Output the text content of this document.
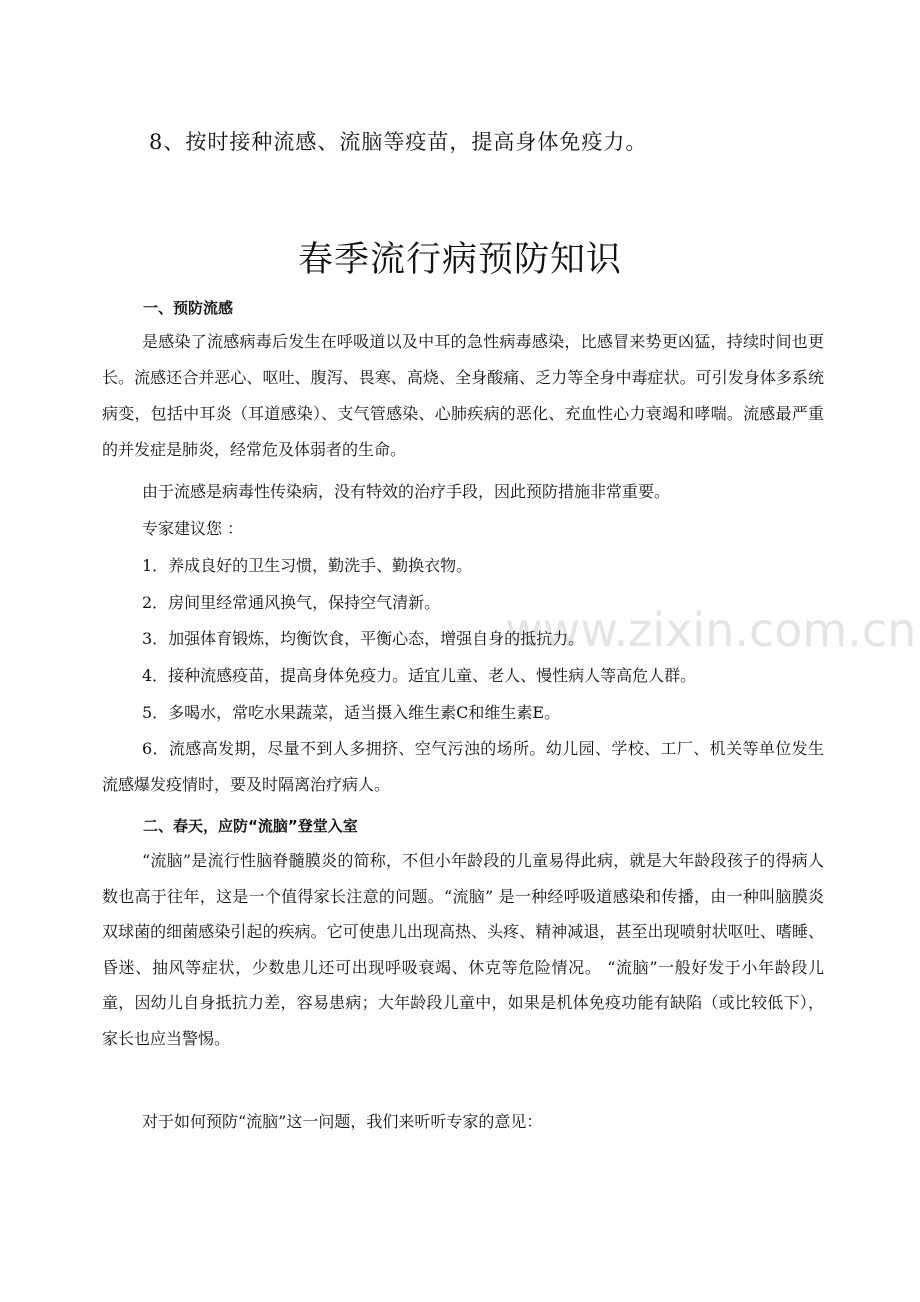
www.zixin.com.cn
8、按时接种流感、流脑等疫苗，提高身体免疫力。
春季流行病预防知识
一、预防流感
是感染了流感病毒后发生在呼吸道以及中耳的急性病毒感染，比感冒来势更凶猛，持续时间也更长。流感还合并恶心、呕吐、腹泻、畏寒、高烧、全身酸痛、乏力等全身中毒症状。可引发身体多系统病变，包括中耳炎（耳道感染）、支气管感染、心肺疾病的恶化、充血性心力衰竭和哮喘。流感最严重的并发症是肺炎，经常危及体弱者的生命。
由于流感是病毒性传染病，没有特效的治疗手段，因此预防措施非常重要。
专家建议您 ：
1．养成良好的卫生习惯，勤洗手、勤换衣物。
2．房间里经常通风换气，保持空气清新。
3．加强体育锻炼，均衡饮食，平衡心态，增强自身的抵抗力。
4．接种流感疫苗，提高身体免疫力。适宜儿童、老人、慢性病人等高危人群。
5．多喝水，常吃水果蔬菜，适当摄入维生素C和维生素E。
6．流感高发期，尽量不到人多拥挤、空气污浊的场所。幼儿园、学校、工厂、机关等单位发生流感爆发疫情时，要及时隔离治疗病人。
二、春天，应防“流脑”登堂入室
“流脑”是流行性脑脊髓膜炎的简称，不但小年龄段的儿童易得此病，就是大年龄段孩子的得病人数也高于往年，这是一个值得家长注意的问题。“流脑” 是一种经呼吸道感染和传播，由一种叫脑膜炎双球菌的细菌感染引起的疾病。它可使患儿出现高热、头疼、精神减退，甚至出现喷射状呕吐、嗜睡、昏迷、抽风等症状，少数患儿还可出现呼吸衰竭、休克等危险情况。 “流脑”一般好发于小年龄段儿童，因幼儿自身抵抗力差，容易患病；大年龄段儿童中，如果是机体免疫功能有缺陷（或比较低下），家长也应当警惕。
对于如何预防“流脑”这一问题，我们来听听专家的意见：
